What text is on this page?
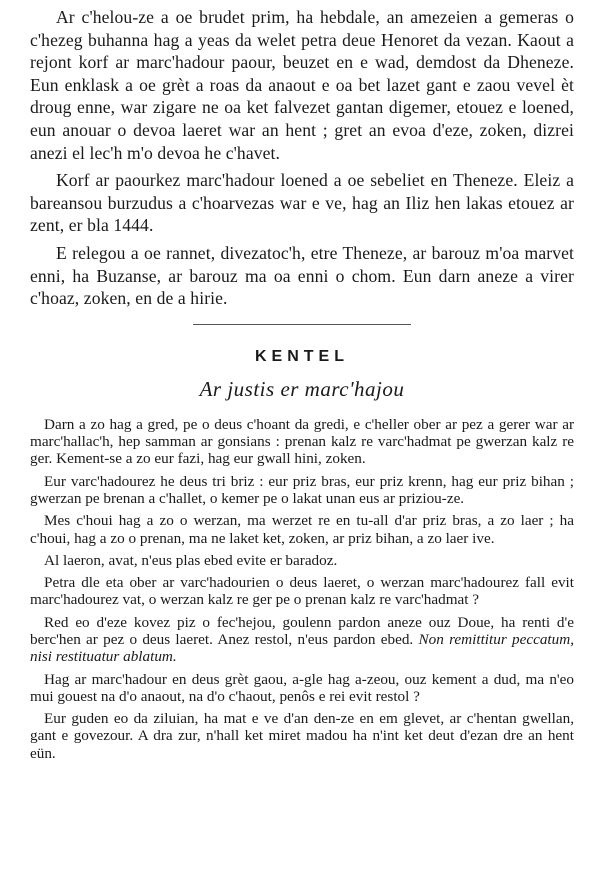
Ar c'helou-ze a oe brudet prim, ha hebdale, an amezeien a gemeras o c'hezeg buhanna hag a yeas da welet petra deue Henoret da vezan. Kaout a rejont korf ar marc'hadour paour, beuzet en e wad, demdost da Dheneze. Eun enklask a oe grèt a roas da anaout e oa bet lazet gant e zaou vevel èt droug enne, war zigare ne oa ket falvezet gantan digemer, etouez e loened, eun anouar o devoa laeret war an hent ; gret an evoa d'eze, zoken, dizrei anezi el lec'h m'o devoa he c'havet.

Korf ar paourkez marc'hadour loened a oe sebeliet en Theneze. Eleiz a bareansou burzudus a c'hoarvezas war e ve, hag an Iliz hen lakas etouez ar zent, er bla 1444.

E relegou a oe rannet, divezatoc'h, etre Theneze, ar barouz m'oa marvet enni, ha Buzanse, ar barouz ma oa enni o chom. Eun darn aneze a virer c'hoaz, zoken, en de a hirie.

KENTEL
Ar justis er marc'hajou

Darn a zo hag a gred, pe o deus c'hoant da gredi, e c'heller ober ar pez a gerer war ar marc'hallac'h, hep samman ar gonsians : prenan kalz re varc'hadmat pe gwerzan kalz re ger. Kement-se a zo eur fazi, hag eur gwall hini, zoken.

Eur varc'hadourez he deus tri briz : eur priz bras, eur priz krenn, hag eur priz bihan ; gwerzan pe brenan a c'hallet, o kemer pe o lakat unan eus ar priziou-ze.

Mes c'houi hag a zo o werzan, ma werzet re en tu-all d'ar priz bras, a zo laer ; ha c'houi, hag a zo o prenan, ma ne laket ket, zoken, ar priz bihan, a zo laer ive.

Al laeron, avat, n'eus plas ebed evite er baradoz.

Petra dle eta ober ar varc'hadourien o deus laeret, o werzan marc'hadourez fall evit marc'hadourez vat, o werzan kalz re ger pe o prenan kalz re varc'hadmat ?

Red eo d'eze kovez piz o fec'hejou, goulenn pardon aneze ouz Doue, ha renti d'e berc'hen ar pez o deus laeret. Anez restol, n'eus pardon ebed. Non remittitur peccatum, nisi restituatur ablatum.

Hag ar marc'hadour en deus grèt gaou, a-gle hag a-zeou, ouz kement a dud, ma n'eo mui gouest na d'o anaout, na d'o c'haout, penôs e rei evit restol ?

Eur guden eo da ziluian, ha mat e ve d'an den-ze en em glevet, ar c'hentan gwellan, gant e govezour. A dra zur, n'hall ket miret madou ha n'int ket deut d'ezan dre an hent eün.
